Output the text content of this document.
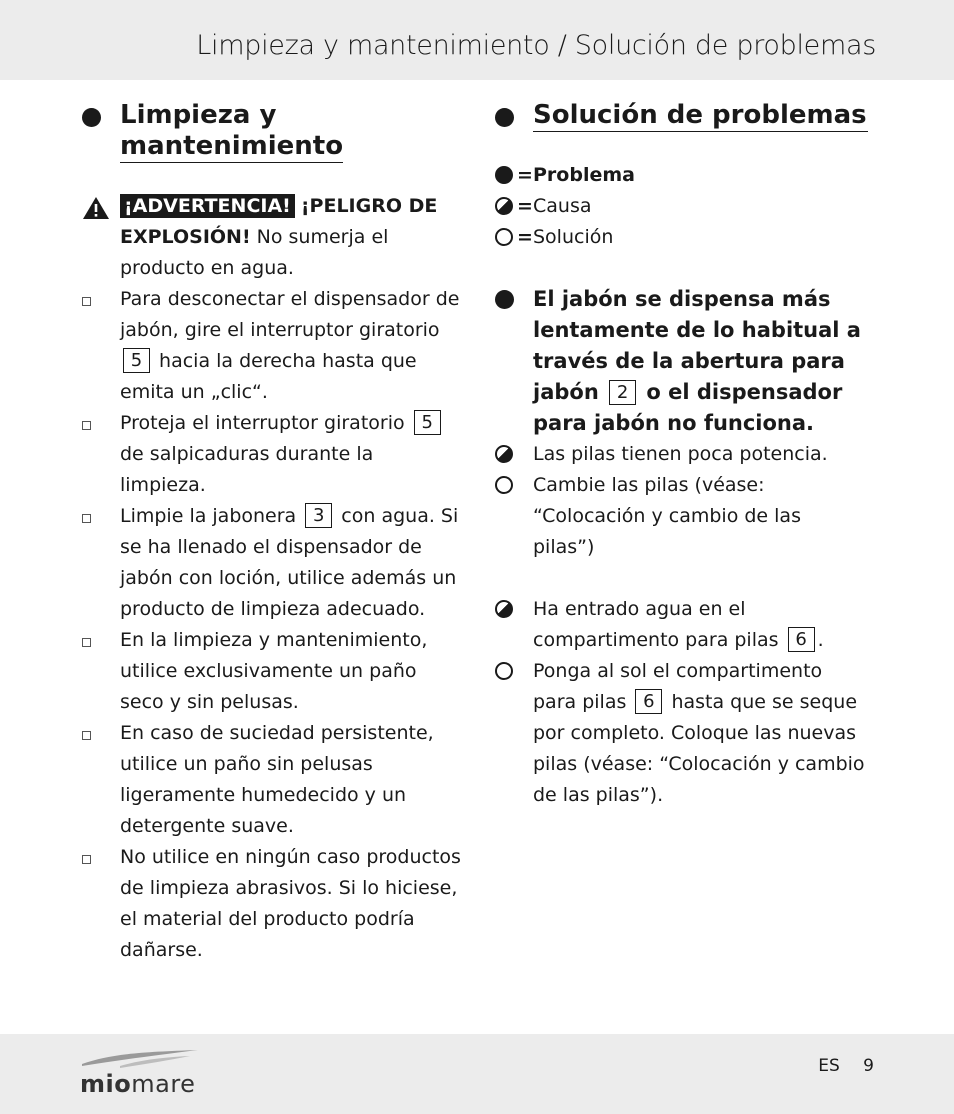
Limpieza y mantenimiento / Solución de problemas
Limpieza y
mantenimiento
¡ADVERTENCIA! ¡PELIGRO DE EXPLOSIÓN! No sumerja el producto en agua.
Para desconectar el dispensador de jabón, gire el interruptor giratorio 5 hacia la derecha hasta que emita un „clic“.
Proteja el interruptor giratorio 5 de salpicaduras durante la limpieza.
Limpie la jabonera 3 con agua. Si se ha llenado el dispensador de jabón con loción, utilice además un producto de limpieza adecuado.
En la limpieza y mantenimiento, utilice exclusivamente un paño seco y sin pelusas.
En caso de suciedad persistente, utilice un paño sin pelusas ligeramente humedecido y un detergente suave.
No utilice en ningún caso productos de limpieza abrasivos. Si lo hiciese, el material del producto podría dañarse.
Solución de problemas
= Problema
= Causa
= Solución
El jabón se dispensa más lentamente de lo habitual a través de la abertura para jabón 2 o el dispensador para jabón no funciona.
Las pilas tienen poca potencia.
Cambie las pilas (véase: “Colocación y cambio de las pilas”)
Ha entrado agua en el compartimento para pilas 6 .
Ponga al sol el compartimento para pilas 6 hasta que se seque por completo. Coloque las nuevas pilas (véase: “Colocación y cambio de las pilas”).
miomare
ES 9
